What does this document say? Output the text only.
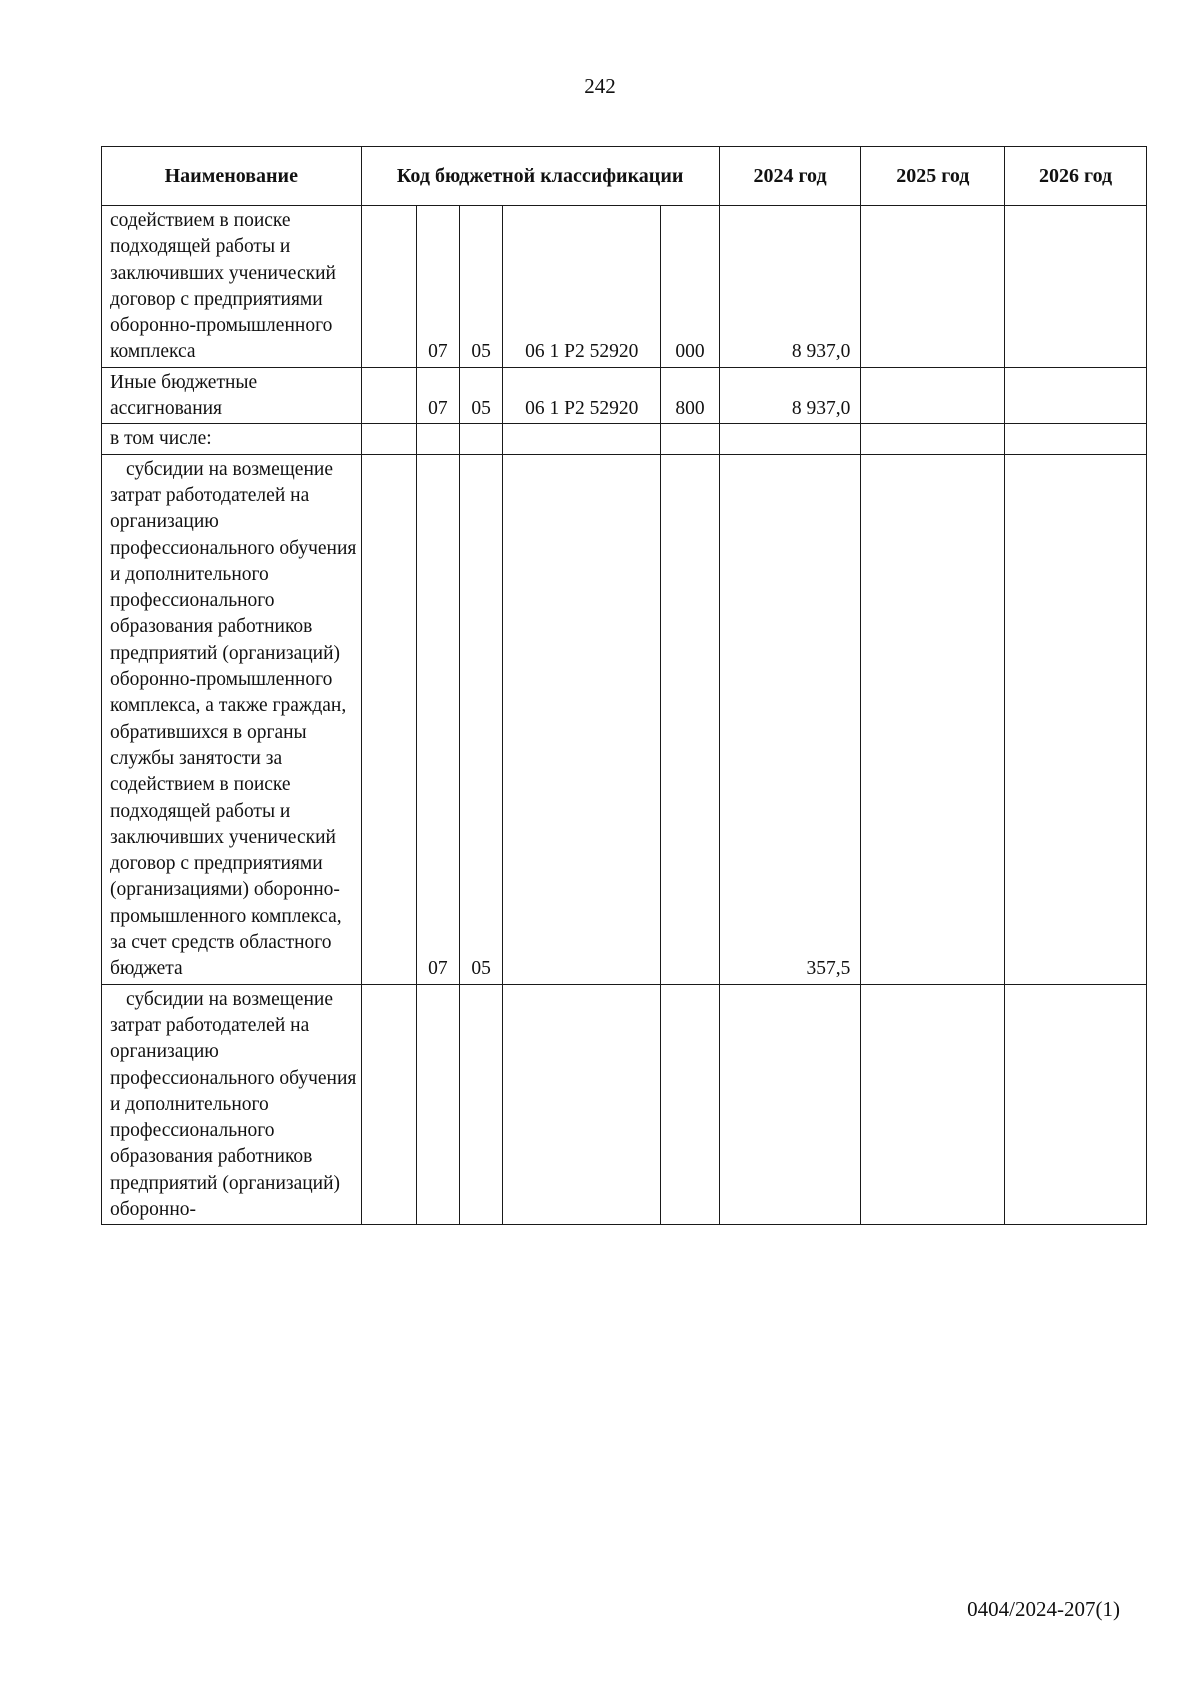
242
Наименование	Код бюджетной классификации					2024 год	2025 год	2026 год
содействием в поиске подходящей работы и заключивших ученический договор с предприятиями оборонно-промышленного комплекса		07	05	06 1 P2 52920	000	8 937,0		
Иные бюджетные ассигнования		07	05	06 1 P2 52920	800	8 937,0		
в том числе:								
субсидии на возмещение затрат работодателей на организацию профессионального обучения и дополнительного профессионального образования работников предприятий (организаций) оборонно-промышленного комплекса, а также граждан, обратившихся в органы службы занятости за содействием в поиске подходящей работы и заключивших ученический договор с предприятиями (организациями) оборонно-промышленного комплекса, за счет средств областного бюджета		07	05			357,5		
субсидии на возмещение затрат работодателей на организацию профессионального обучения и дополнительного профессионального образования работников предприятий (организаций) оборонно-								
0404/2024-207(1)
